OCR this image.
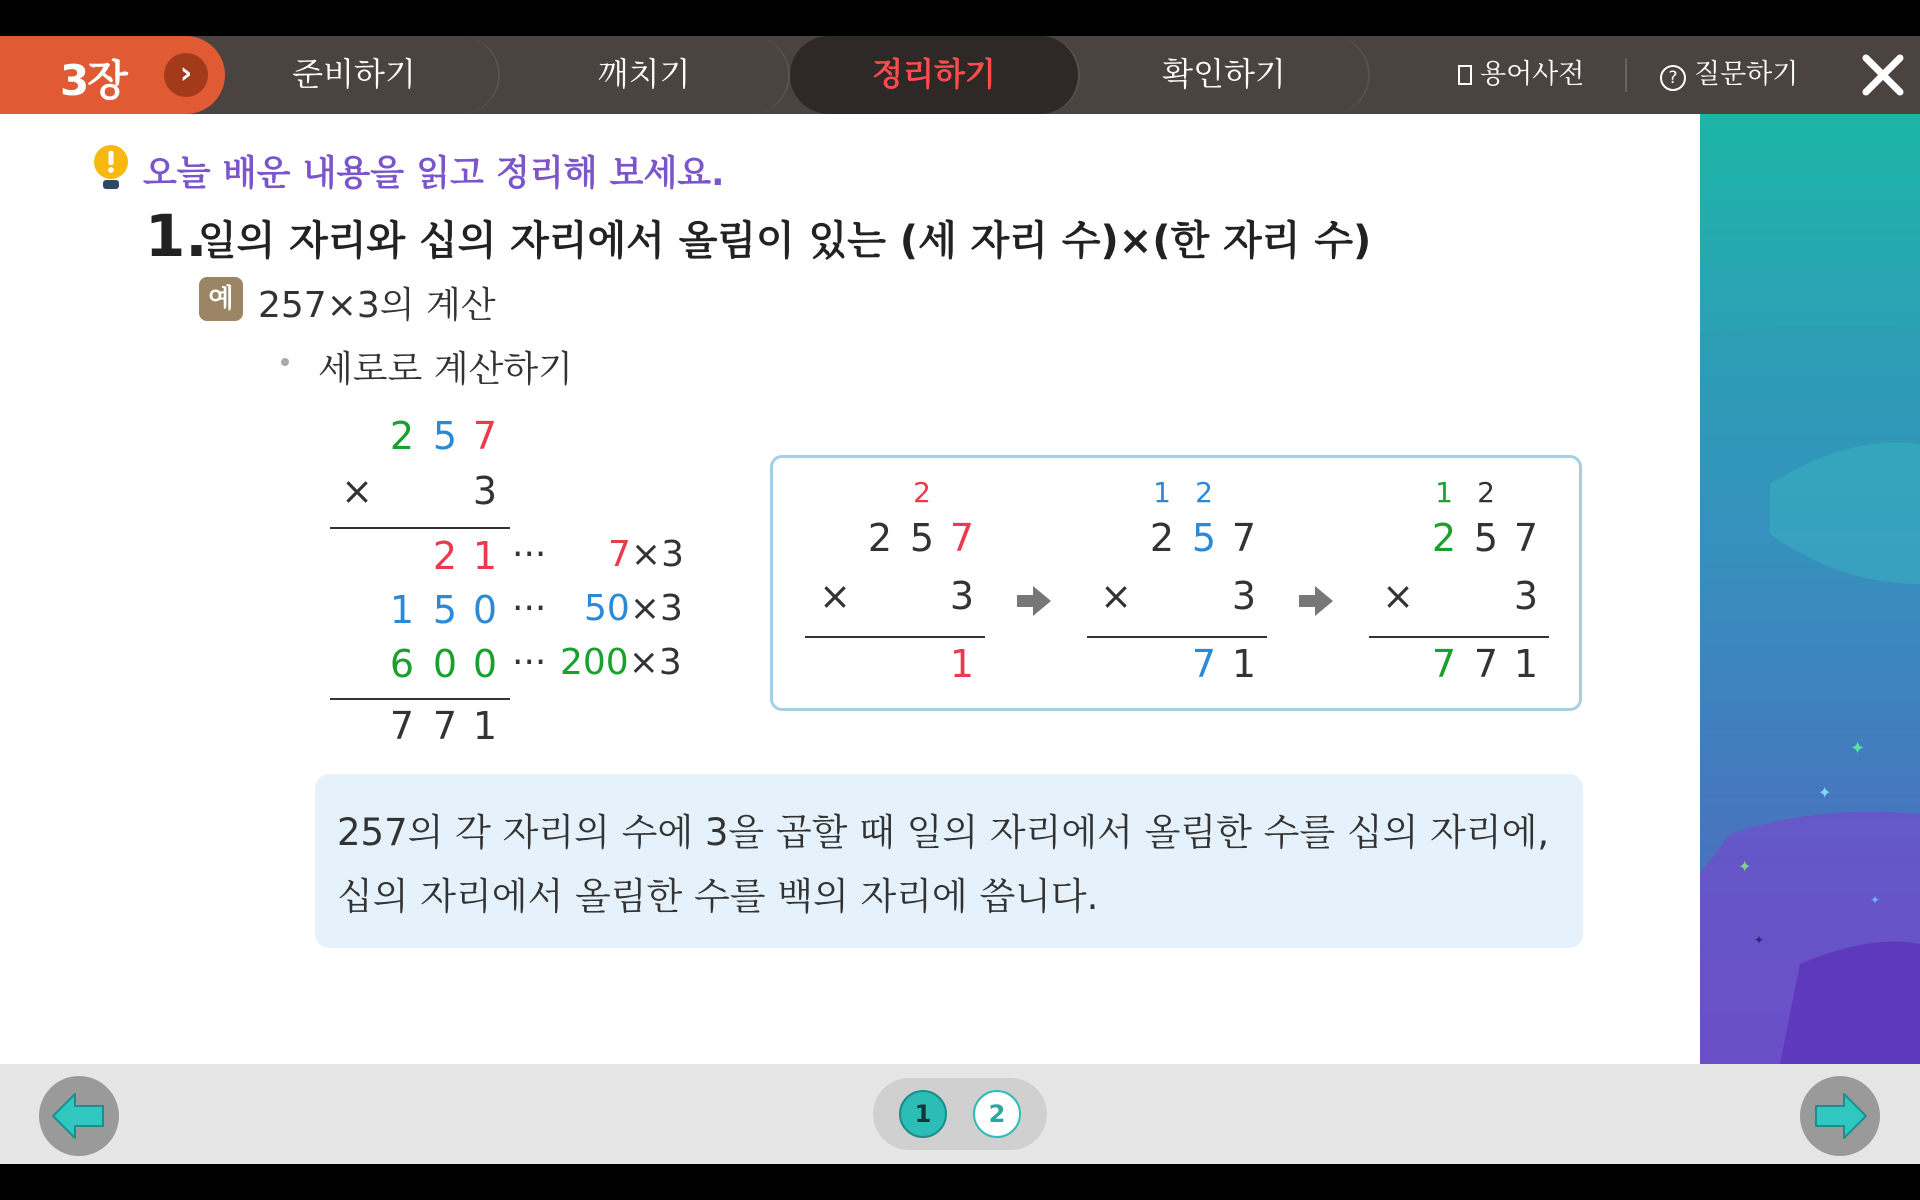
3장	›	준비하기	깨치기	정리하기	확인하기	용어사전	? 질문하기
오늘 배운 내용을 읽고 정리해 보세요.
1.
일의 자리와 십의 자리에서 올림이 있는 (세 자리 수)×(한 자리 수)
예 257×3의 계산
세로로 계산하기
2 5 7
×	3
2 1 ··· 7×3
1 5 0 ··· 50×3
6 0 0 ··· 200×3
7 7 1
2
2 5 7
×	3
1
1 2
2 5 7
×	3
7 1
1 2
2 5 7
×	3
7 7 1
257의 각 자리의 수에 3을 곱할 때 일의 자리에서 올림한 수를 십의 자리에,
십의 자리에서 올림한 수를 백의 자리에 씁니다.
✦
✦
✦
✦
✦
1	2
